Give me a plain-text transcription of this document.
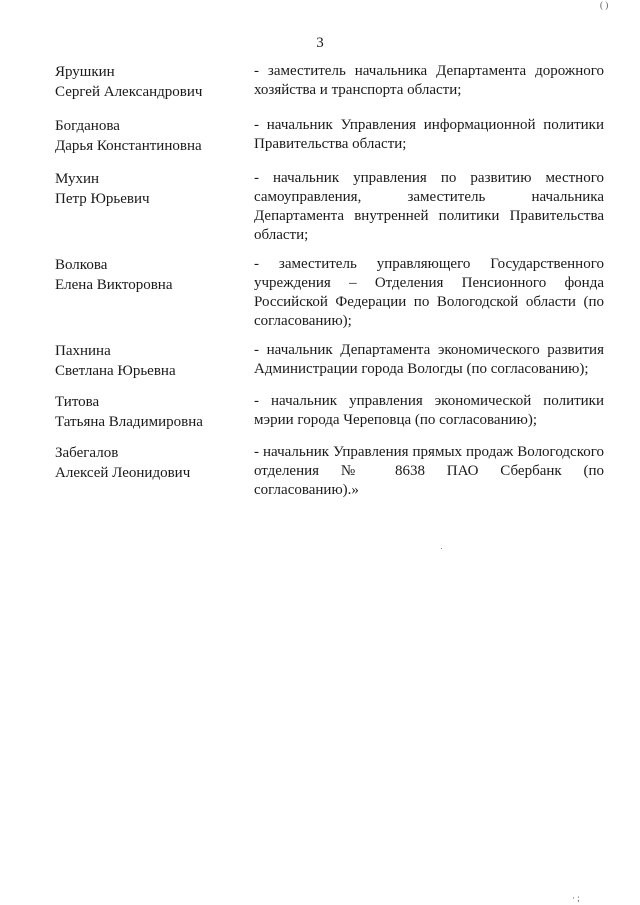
( )
3
Ярушкин
Сергей Александрович
- заместитель начальника Департамента дорожного хозяйства и транспорта области;
Богданова
Дарья Константиновна
- начальник Управления информационной политики Правительства области;
Мухин
Петр Юрьевич
- начальник управления по развитию местного самоуправления, заместитель начальника Департамента внутренней политики Правительства области;
Волкова
Елена Викторовна
- заместитель управляющего Государственного учреждения – Отделения Пенсионного фонда Российской Федерации по Вологодской области (по согласованию);
Пахнина
Светлана Юрьевна
- начальник Департамента экономического развития Администрации города Вологды (по согласованию);
Титова
Татьяна Владимировна
- начальник управления экономической политики мэрии города Череповца (по согласованию);
Забегалов
Алексей Леонидович
- начальник Управления прямых продаж Вологодского отделения № 8638 ПАО Сбербанк (по согласованию).»
· ;
